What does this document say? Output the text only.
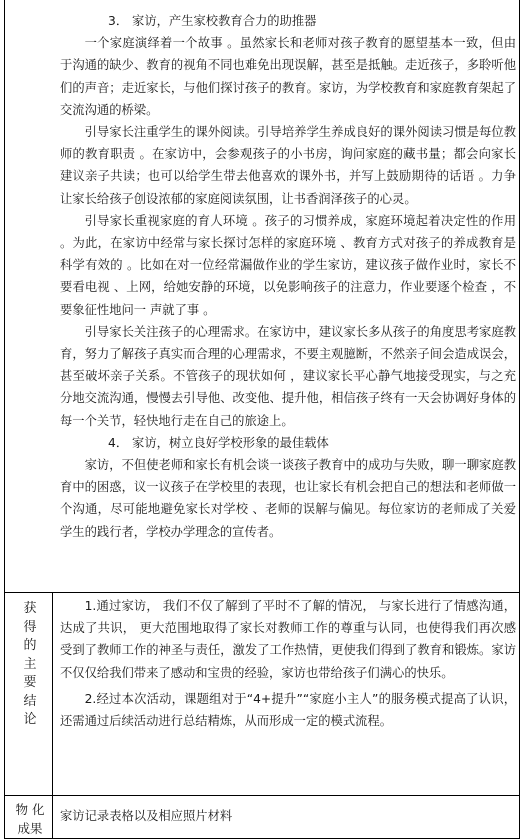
3． 家访，产生家校教育合力的助推器

一个家庭演绎着一个故事 。虽然家长和老师对孩子教育的愿望基本一致，但由于沟通的缺少、教育的视角不同也难免出现误解，甚至是抵触。走近孩子，多聆听他们的声音；走近家长，与他们探讨孩子的教育。家访，为学校教育和家庭教育架起了交流沟通的桥梁。

引导家长注重学生的课外阅读。引导培养学生养成良好的课外阅读习惯是每位教师的教育职责 。在家访中，会参观孩子的小书房，询问家庭的藏书量；都会向家长建议亲子共读；也可以给学生带去他喜欢的课外书，并写上鼓励期待的话语 。力争让家长给孩子创设浓郁的家庭阅读氛围，让书香润泽孩子的心灵。

引导家长重视家庭的育人环境 。孩子的习惯养成，家庭环境起着决定性的作用 。为此，在家访中经常与家长探讨怎样的家庭环境 、教育方式对孩子的养成教育是科学有效的 。比如在对一位经常漏做作业的学生家访，建议孩子做作业时，家长不要看电视 、上网，给她安静的环境，以免影响孩子的注意力，作业要逐个检查 ，不要象征性地问一 声就了事 。

引导家长关注孩子的心理需求。在家访中，建议家长多从孩子的角度思考家庭教育，努力了解孩子真实而合理的心理需求，不要主观臆断，不然亲子间会造成误会，甚至破坏亲子关系。不管孩子的现状如何 ，建议家长平心静气地接受现实，与之充分地交流沟通，慢慢去引导他、改变他、提升他，相信孩子终有一天会协调好身体的每一个关节，轻快地行走在自己的旅途上。

4． 家访，树立良好学校形象的最佳载体

家访，不但使老师和家长有机会谈一谈孩子教育中的成功与失败，聊一聊家庭教育中的困惑，议一议孩子在学校里的表现，也让家长有机会把自己的想法和老师做一个沟通，尽可能地避免家长对学校 、老师的误解与偏见。每位家访的老师成了关爱学生的践行者，学校办学理念的宣传者。

获
得
的
主
要
结
论

1.通过家访， 我们不仅了解到了平时不了解的情况， 与家长进行了情感沟通， 达成了共识， 更大范围地取得了家长对教师工作的尊重与认同，也使得我们再次感受到了教师工作的神圣与责任，激发了工作热情，更使我们得到了教育和锻炼。家访不仅仅给我们带来了感动和宝贵的经验，家访也带给孩子们满心的快乐。

2.经过本次活动，课题组对于“4+提升”“家庭小主人”的服务模式提高了认识，还需通过后续活动进行总结精炼，从而形成一定的模式流程。

物 化
成果
家访记录表格以及相应照片材料
